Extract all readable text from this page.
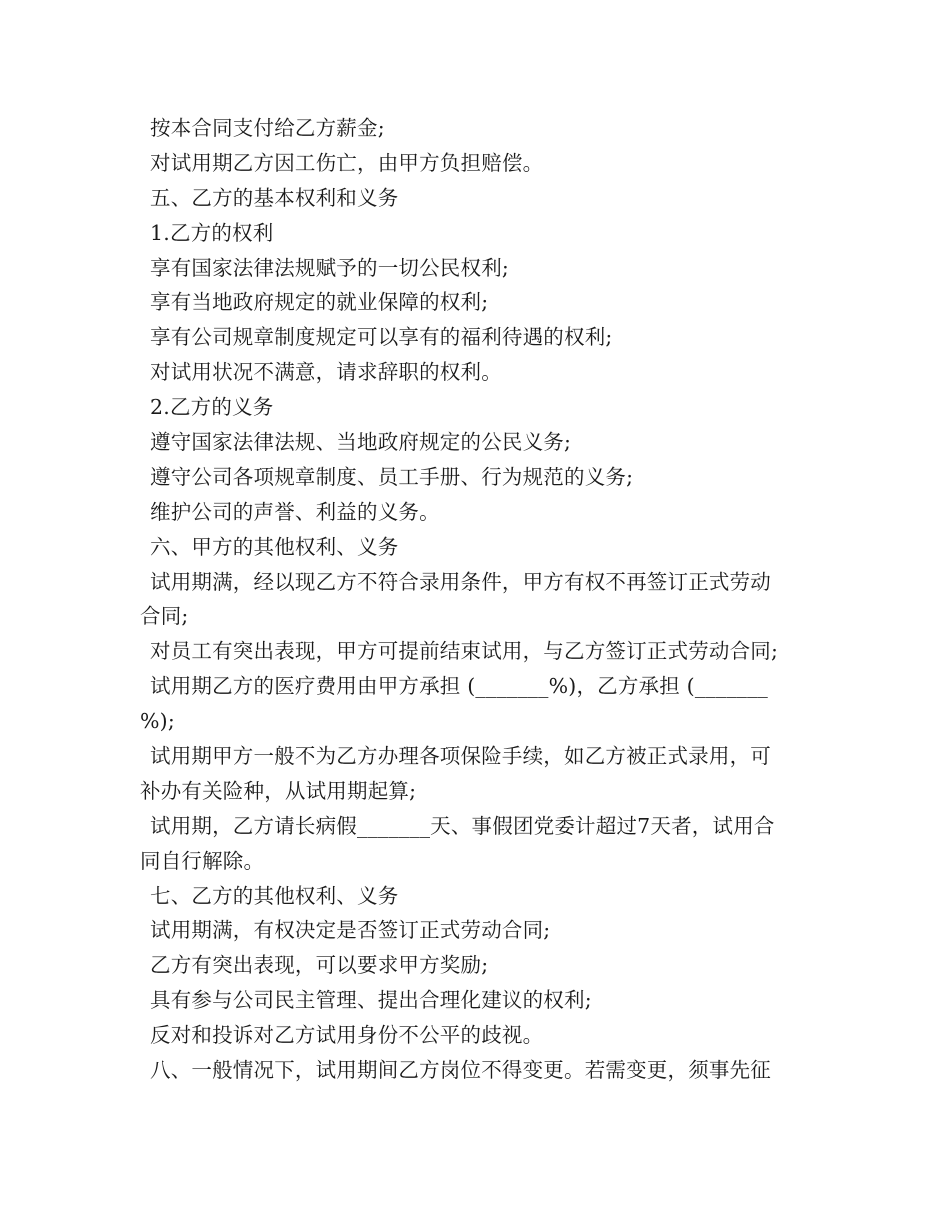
按本合同支付给乙方薪金;
对试用期乙方因工伤亡，由甲方负担赔偿。
五、乙方的基本权利和义务
1.乙方的权利
享有国家法律法规赋予的一切公民权利;
享有当地政府规定的就业保障的权利;
享有公司规章制度规定可以享有的福利待遇的权利;
对试用状况不满意，请求辞职的权利。
2.乙方的义务
遵守国家法律法规、当地政府规定的公民义务;
遵守公司各项规章制度、员工手册、行为规范的义务;
维护公司的声誉、利益的义务。
六、甲方的其他权利、义务
试用期满，经以现乙方不符合录用条件，甲方有权不再签订正式劳动
合同;
对员工有突出表现，甲方可提前结束试用，与乙方签订正式劳动合同;
试用期乙方的医疗费用由甲方承担 (_______%)，乙方承担 (_______
%);
试用期甲方一般不为乙方办理各项保险手续，如乙方被正式录用，可
补办有关险种，从试用期起算;
试用期，乙方请长病假_______天、事假团党委计超过7天者，试用合
同自行解除。
七、乙方的其他权利、义务
试用期满，有权决定是否签订正式劳动合同;
乙方有突出表现，可以要求甲方奖励;
具有参与公司民主管理、提出合理化建议的权利;
反对和投诉对乙方试用身份不公平的歧视。
八、一般情况下，试用期间乙方岗位不得变更。若需变更，须事先征
